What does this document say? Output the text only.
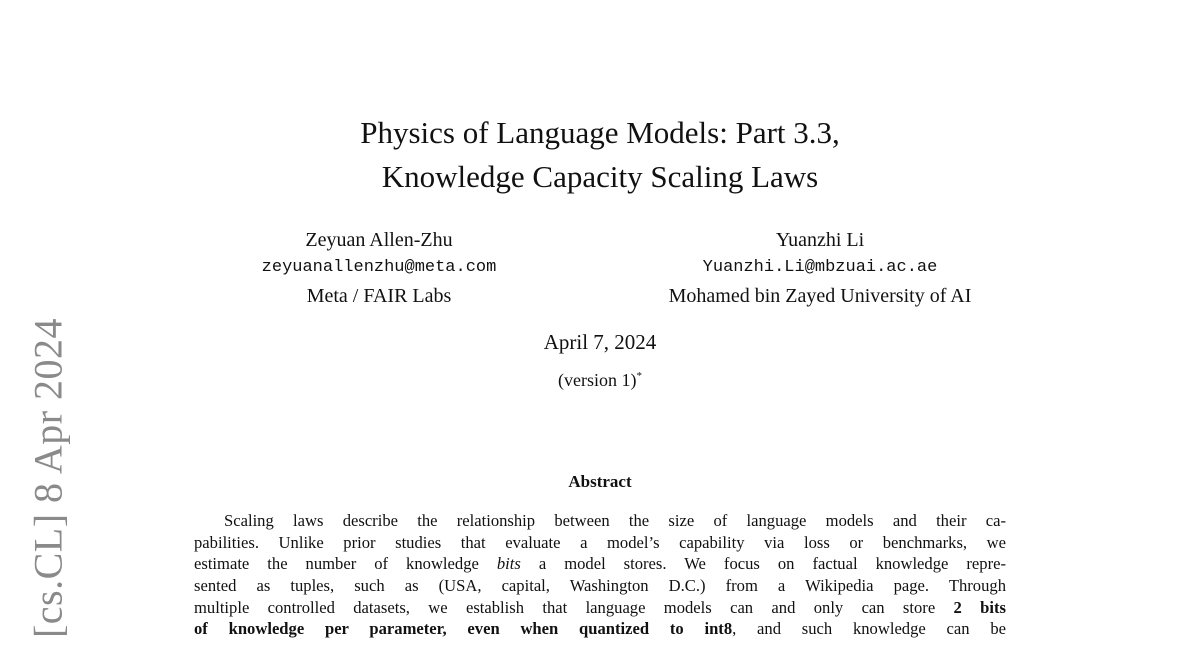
[cs.CL] 8 Apr 2024
Physics of Language Models: Part 3.3,
Knowledge Capacity Scaling Laws
Zeyuan Allen-Zhu
zeyuanallenzhu@meta.com
Meta / FAIR Labs
Yuanzhi Li
Yuanzhi.Li@mbzuai.ac.ae
Mohamed bin Zayed University of AI
April 7, 2024
(version 1)*
Abstract
Scaling laws describe the relationship between the size of language models and their ca-
pabilities. Unlike prior studies that evaluate a model’s capability via loss or benchmarks, we
estimate the number of knowledge bits a model stores. We focus on factual knowledge repre-
sented as tuples, such as (USA, capital, Washington D.C.) from a Wikipedia page. Through
multiple controlled datasets, we establish that language models can and only can store 2 bits
of knowledge per parameter, even when quantized to int8, and such knowledge can be
